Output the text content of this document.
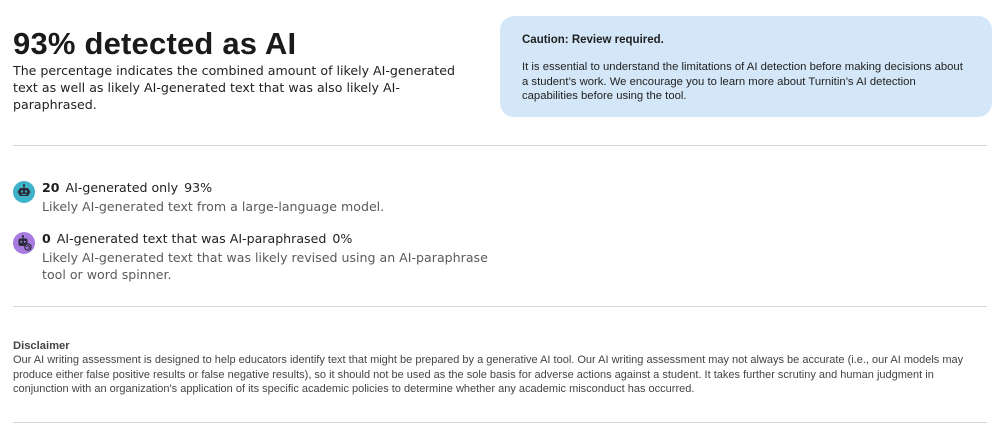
93% detected as AI

The percentage indicates the combined amount of likely AI-generated text as well as likely AI-generated text that was also likely AI-paraphrased.

Caution: Review required.

It is essential to understand the limitations of AI detection before making decisions about a student’s work. We encourage you to learn more about Turnitin’s AI detection capabilities before using the tool.

20 AI-generated only 93%
Likely AI-generated text from a large-language model.
0 AI-generated text that was AI-paraphrased 0%
Likely AI-generated text that was likely revised using an AI-paraphrase tool or word spinner.

Disclaimer

Our AI writing assessment is designed to help educators identify text that might be prepared by a generative AI tool. Our AI writing assessment may not always be accurate (i.e., our AI models may produce either false positive results or false negative results), so it should not be used as the sole basis for adverse actions against a student. It takes further scrutiny and human judgment in conjunction with an organization's application of its specific academic policies to determine whether any academic misconduct has occurred.
